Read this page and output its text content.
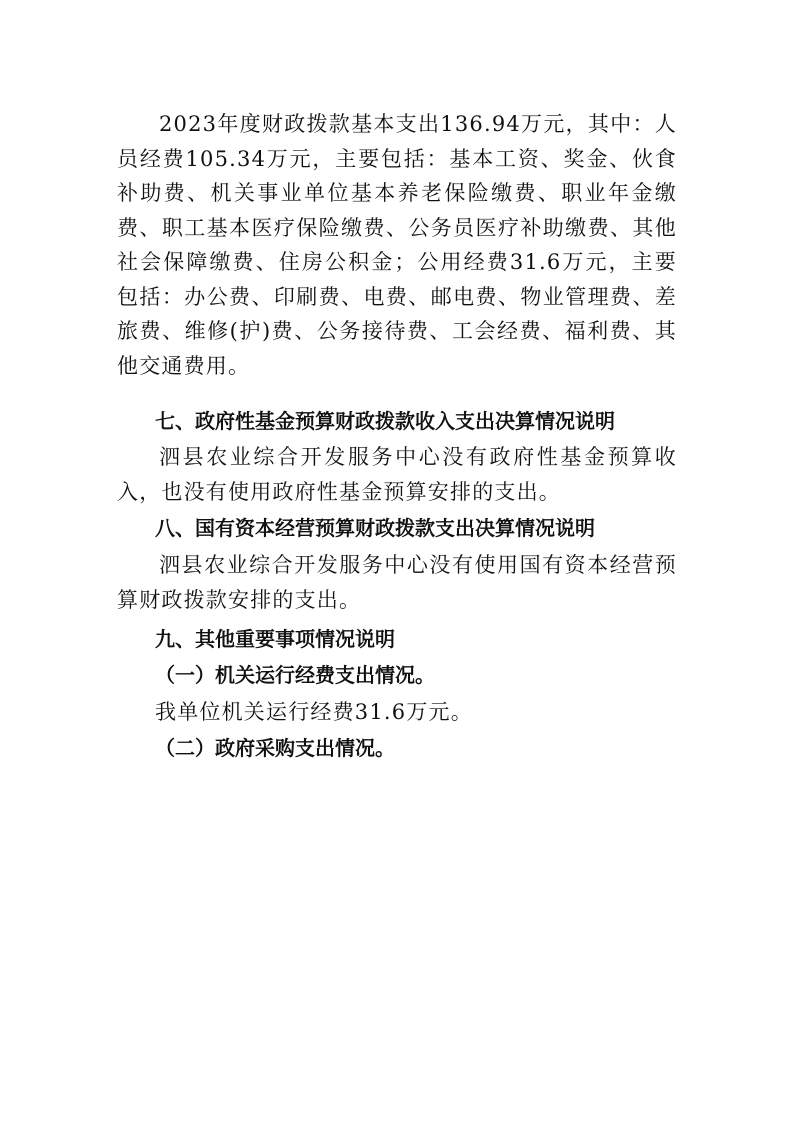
2023年度财政拨款基本支出136.94万元，其中：人员经费105.34万元，主要包括：基本工资、奖金、伙食补助费、机关事业单位基本养老保险缴费、职业年金缴费、职工基本医疗保险缴费、公务员医疗补助缴费、其他社会保障缴费、住房公积金；公用经费31.6万元，主要包括：办公费、印刷费、电费、邮电费、物业管理费、差旅费、维修(护)费、公务接待费、工会经费、福利费、其他交通费用。

七、政府性基金预算财政拨款收入支出决算情况说明

泗县农业综合开发服务中心没有政府性基金预算收入，也没有使用政府性基金预算安排的支出。

八、国有资本经营预算财政拨款支出决算情况说明

泗县农业综合开发服务中心没有使用国有资本经营预算财政拨款安排的支出。

九、其他重要事项情况说明

（一）机关运行经费支出情况。

我单位机关运行经费31.6万元。

（二）政府采购支出情况。
